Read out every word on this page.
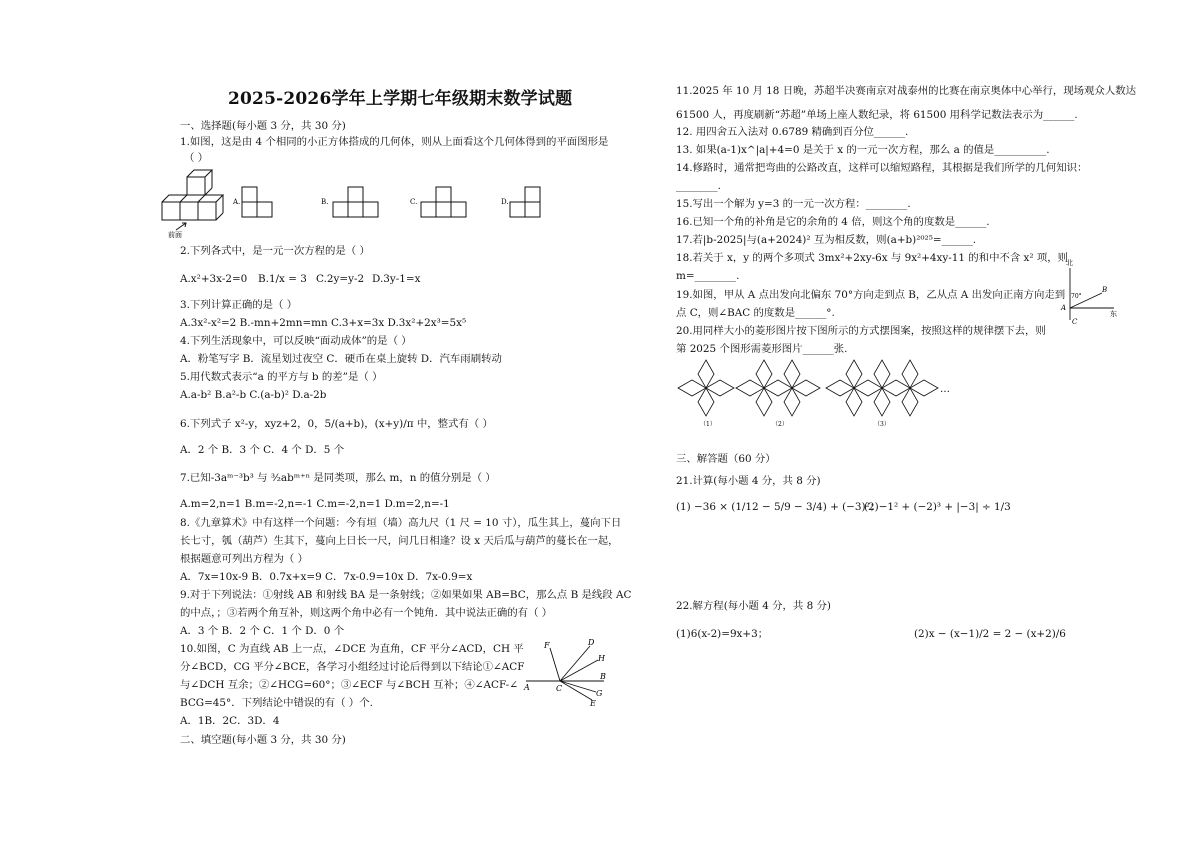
2025-2026学年上学期七年级期末数学试题
一、选择题(每小题 3 分，共 30 分)
1.如图，这是由 4 个相同的小正方体搭成的几何体，则从上面看这个几何体得到的平面图形是
（ ）
前面
A.	B.	C.	D.
2.下列各式中，是一元一次方程的是（ ）
A.x²+3x-2=0 B.1/x = 3 C.2y=y-2 D.3y-1=x
3.下列计算正确的是（ ）
A.3x²-x²=2 B.-mn+2mn=mn C.3+x=3x D.3x²+2x³=5x⁵
4.下列生活现象中，可以反映“面动成体”的是（ ）
A．粉笔写字 B．流星划过夜空 C．硬币在桌上旋转 D．汽车雨刷转动
5.用代数式表示“a 的平方与 b 的差”是（ ）
A.a-b² B.a²-b C.(a-b)² D.a-2b
6.下列式子 x²-y，xyz+2，0，5/(a+b)，(x+y)/π 中，整式有（ ）
A．2 个 B．3 个 C．4 个 D．5 个
7.已知-3aᵐ⁻³b³ 与 ³⁄₂abᵐ⁺ⁿ 是同类项，那么 m，n 的值分别是（ ）
A.m=2,n=1 B.m=-2,n=-1 C.m=-2,n=1 D.m=2,n=-1
8.《九章算术》中有这样一个问题：今有垣（墙）高九尺（1 尺 = 10 寸），瓜生其上，蔓向下日
长七寸，瓠（葫芦）生其下，蔓向上日长一尺，问几日相逢？设 x 天后瓜与葫芦的蔓长在一起，
根据题意可列出方程为（ ）
A．7x=10x-9 B．0.7x+x=9 C．7x-0.9=10x D．7x-0.9=x
9.对于下列说法：①射线 AB 和射线 BA 是一条射线；②如果如果 AB=BC，那么点 B 是线段 AC
的中点，；③若两个角互补，则这两个角中必有一个钝角．其中说法正确的有（ ）
A．3 个 B．2 个 C．1 个 D．0 个
10.如图，C 为直线 AB 上一点，∠DCE 为直角，CF 平分∠ACD，CH 平
分∠BCD，CG 平分∠BCE，各学习小组经过讨论后得到以下结论①∠ACF
与∠DCH 互余；②∠HCG=60°；③∠ECF 与∠BCH 互补；④∠ACF-∠
BCG=45°．下列结论中错误的有（ ）个.
A．1B．2C．3D．4
二、填空题(每小题 3 分，共 30 分)
F	D
H
B
A	C
G
E
11.2025 年 10 月 18 日晚，苏超半决赛南京对战泰州的比赛在南京奥体中心举行，现场观众人数达
61500 人，再度刷新“苏超”单场上座人数纪录，将 61500 用科学记数法表示为______.
12. 用四舍五入法对 0.6789 精确到百分位______.
13. 如果(a-1)x^|a|+4=0 是关于 x 的一元一次方程，那么 a 的值是__________.
14.修路时，通常把弯曲的公路改直，这样可以缩短路程，其根据是我们所学的几何知识：
________.
15.写出一个解为 y=3 的一元一次方程：________.
16.已知一个角的补角是它的余角的 4 倍，则这个角的度数是______.
17.若|b-2025|与(a+2024)² 互为相反数，则(a+b)²⁰²⁵=______.
18.若关于 x，y 的两个多项式 3mx²+2xy-6x 与 9x²+4xy-11 的和中不含 x² 项，则
m=________.
19.如图，甲从 A 点出发向北偏东 70°方向走到点 B，乙从点 A 出发向正南方向走到
点 C，则∠BAC 的度数是______°.
北
70°
B
A
东
C
20.用同样大小的菱形图片按下图所示的方式摆图案，按照这样的规律摆下去，则
第 2025 个图形需菱形图片______张.
…
（1）	（2）	（3）
三、解答题（60 分）
21.计算(每小题 4 分，共 8 分)
(1) −36 × (1/12 − 5/9 − 3/4) + (−3)²；
(2)−1² + (−2)³ + |−3| ÷ 1/3
22.解方程(每小题 4 分，共 8 分)
(1)6(x-2)=9x+3；	(2)x − (x−1)/2 = 2 − (x+2)/6
